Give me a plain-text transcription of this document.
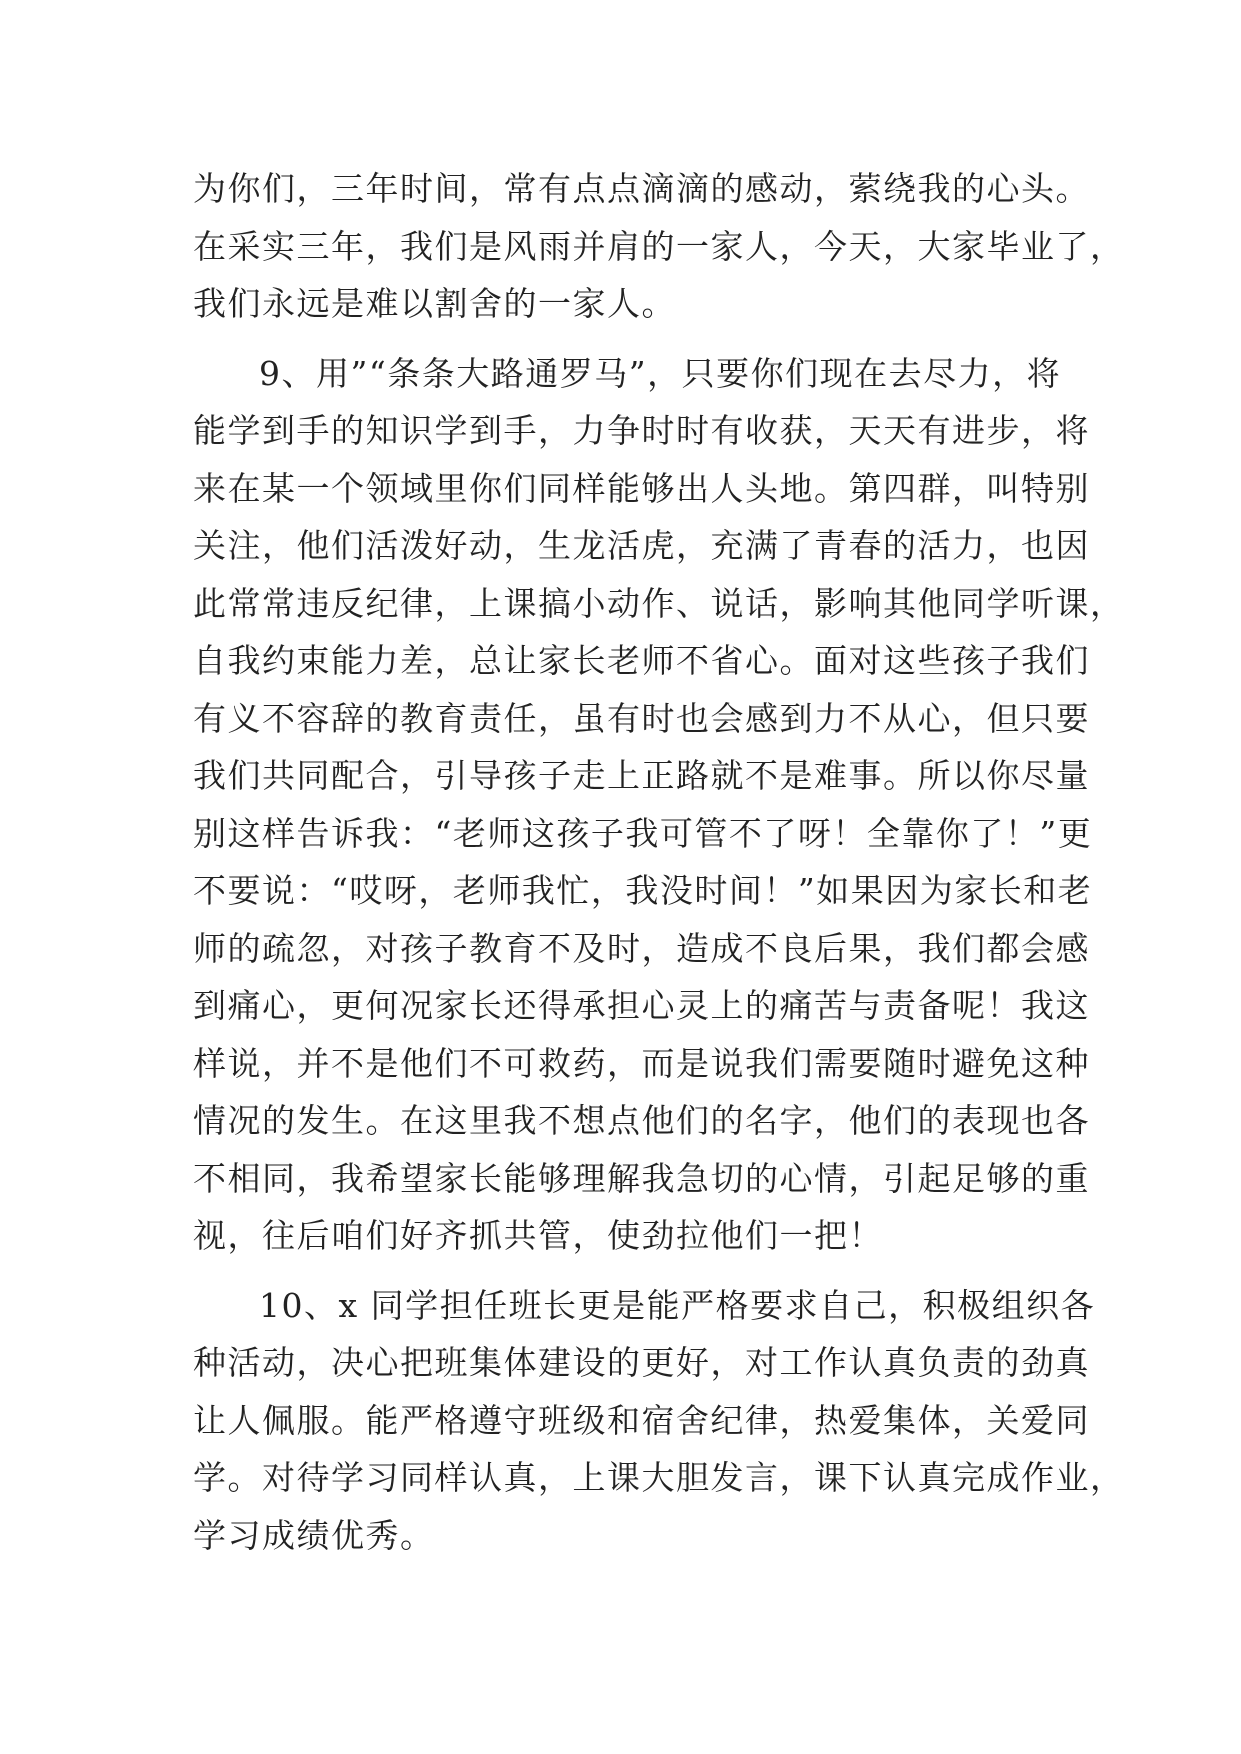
为你们，三年时间，常有点点滴滴的感动，萦绕我的心头。
在采实三年，我们是风雨并肩的一家人，今天，大家毕业了，
我们永远是难以割舍的一家人。
9、用”“条条大路通罗马”，只要你们现在去尽力，将
能学到手的知识学到手，力争时时有收获，天天有进步，将
来在某一个领域里你们同样能够出人头地。第四群，叫特别
关注，他们活泼好动，生龙活虎，充满了青春的活力，也因
此常常违反纪律，上课搞小动作、说话，影响其他同学听课，
自我约束能力差，总让家长老师不省心。面对这些孩子我们
有义不容辞的教育责任，虽有时也会感到力不从心，但只要
我们共同配合，引导孩子走上正路就不是难事。所以你尽量
别这样告诉我：“老师这孩子我可管不了呀！全靠你了！”更
不要说：“哎呀，老师我忙，我没时间！”如果因为家长和老
师的疏忽，对孩子教育不及时，造成不良后果，我们都会感
到痛心，更何况家长还得承担心灵上的痛苦与责备呢！我这
样说，并不是他们不可救药，而是说我们需要随时避免这种
情况的发生。在这里我不想点他们的名字，他们的表现也各
不相同，我希望家长能够理解我急切的心情，引起足够的重
视，往后咱们好齐抓共管，使劲拉他们一把！
10、x 同学担任班长更是能严格要求自己，积极组织各
种活动，决心把班集体建设的更好，对工作认真负责的劲真
让人佩服。能严格遵守班级和宿舍纪律，热爱集体，关爱同
学。对待学习同样认真，上课大胆发言，课下认真完成作业，
学习成绩优秀。
